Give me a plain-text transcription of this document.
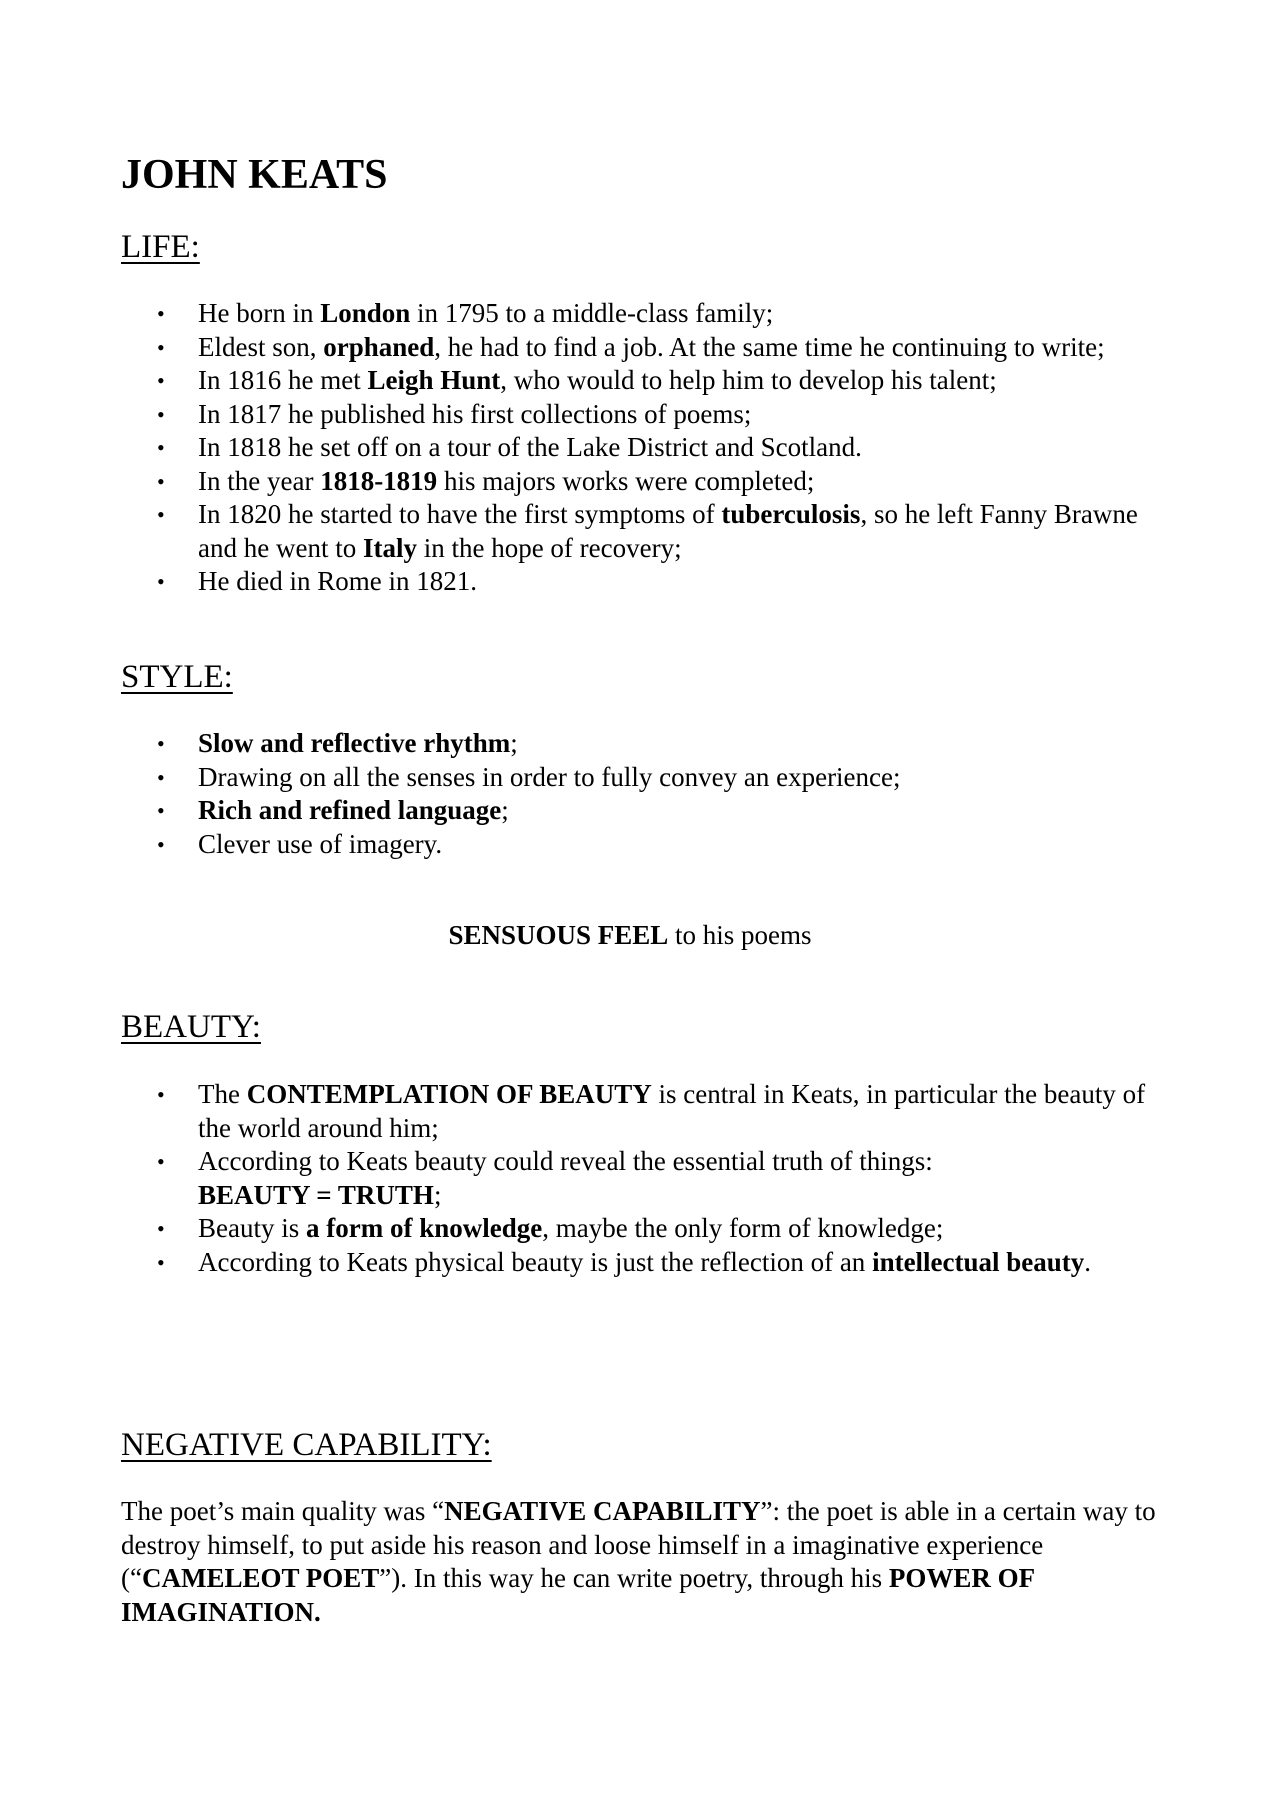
JOHN KEATS
LIFE:
• He born in London in 1795 to a middle-class family;
• Eldest son, orphaned, he had to find a job. At the same time he continuing to write;
• In 1816 he met Leigh Hunt, who would to help him to develop his talent;
• In 1817 he published his first collections of poems;
• In 1818 he set off on a tour of the Lake District and Scotland.
• In the year 1818-1819 his majors works were completed;
• In 1820 he started to have the first symptoms of tuberculosis, so he left Fanny Brawne and he went to Italy in the hope of recovery;
• He died in Rome in 1821.
STYLE:
• Slow and reflective rhythm;
• Drawing on all the senses in order to fully convey an experience;
• Rich and refined language;
• Clever use of imagery.

SENSUOUS FEEL to his poems

BEAUTY:
• The CONTEMPLATION OF BEAUTY is central in Keats, in particular the beauty of the world around him;
• According to Keats beauty could reveal the essential truth of things:
BEAUTY = TRUTH;
• Beauty is a form of knowledge, maybe the only form of knowledge;
• According to Keats physical beauty is just the reflection of an intellectual beauty.
NEGATIVE CAPABILITY:

The poet’s main quality was “NEGATIVE CAPABILITY”: the poet is able in a certain way to destroy himself, to put aside his reason and loose himself in a imaginative experience (“CAMELEOT POET”). In this way he can write poetry, through his POWER OF IMAGINATION.
